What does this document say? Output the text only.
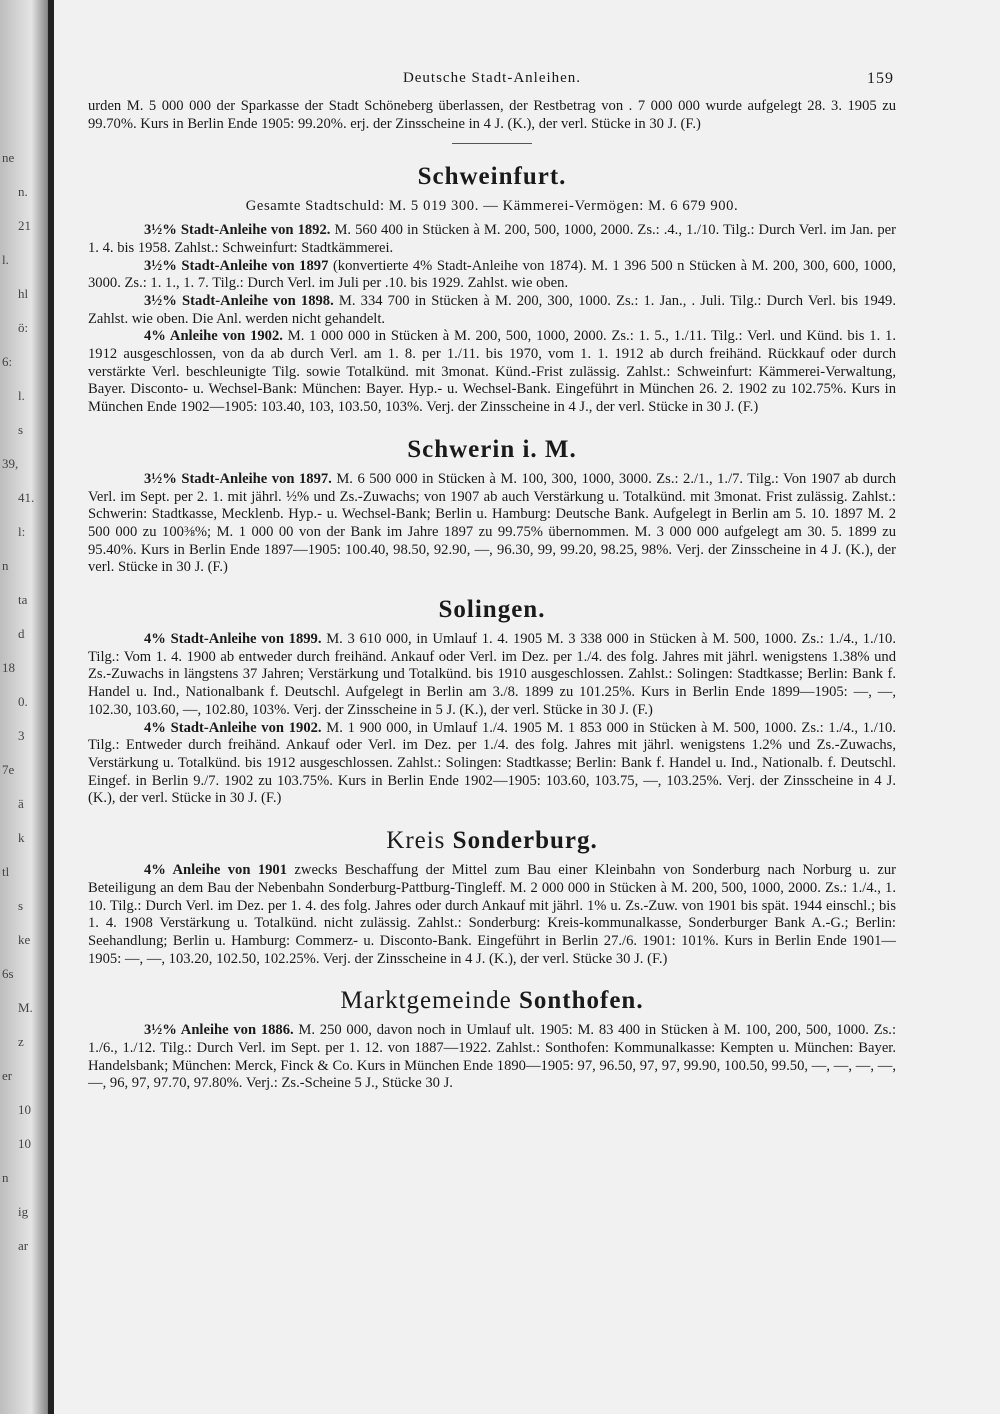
ne
n.
21
l.
hl
ö:
6:
l.
s
39,
41.
l:
n
ta
d
18
0.
3
7e
ä
k
tl
s
ke
6s
M.
z
er
10
10
n
ig
ar
Deutsche Stadt-Anleihen.	159

urden M. 5 000 000 der Sparkasse der Stadt Schöneberg überlassen, der Restbetrag von . 7 000 000 wurde aufgelegt 28. 3. 1905 zu 99.70%. Kurs in Berlin Ende 1905: 99.20%. erj. der Zinsscheine in 4 J. (K.), der verl. Stücke in 30 J. (F.)

Schweinfurt.
Gesamte Stadtschuld: M. 5 019 300. — Kämmerei-Vermögen: M. 6 679 900.

3½% Stadt-Anleihe von 1892. M. 560 400 in Stücken à M. 200, 500, 1000, 2000. Zs.: .4., 1./10. Tilg.: Durch Verl. im Jan. per 1. 4. bis 1958. Zahlst.: Schweinfurt: Stadtkämmerei.

3½% Stadt-Anleihe von 1897 (konvertierte 4% Stadt-Anleihe von 1874). M. 1 396 500 n Stücken à M. 200, 300, 600, 1000, 3000. Zs.: 1. 1., 1. 7. Tilg.: Durch Verl. im Juli per .10. bis 1929. Zahlst. wie oben.

3½% Stadt-Anleihe von 1898. M. 334 700 in Stücken à M. 200, 300, 1000. Zs.: 1. Jan., . Juli. Tilg.: Durch Verl. bis 1949. Zahlst. wie oben. Die Anl. werden nicht gehandelt.

4% Anleihe von 1902. M. 1 000 000 in Stücken à M. 200, 500, 1000, 2000. Zs.: 1. 5., 1./11. Tilg.: Verl. und Künd. bis 1. 1. 1912 ausgeschlossen, von da ab durch Verl. am 1. 8. per 1./11. bis 1970, vom 1. 1. 1912 ab durch freihänd. Rückkauf oder durch verstärkte Verl. beschleunigte Tilg. sowie Totalkünd. mit 3monat. Künd.-Frist zulässig. Zahlst.: Schweinfurt: Kämmerei-Verwaltung, Bayer. Disconto- u. Wechsel-Bank: München: Bayer. Hyp.- u. Wechsel-Bank. Eingeführt in München 26. 2. 1902 zu 102.75%. Kurs in München Ende 1902—1905: 103.40, 103, 103.50, 103%. Verj. der Zinsscheine in 4 J., der verl. Stücke in 30 J. (F.)

Schwerin i. M.

3½% Stadt-Anleihe von 1897. M. 6 500 000 in Stücken à M. 100, 300, 1000, 3000. Zs.: 2./1., 1./7. Tilg.: Von 1907 ab durch Verl. im Sept. per 2. 1. mit jährl. ½% und Zs.-Zuwachs; von 1907 ab auch Verstärkung u. Totalkünd. mit 3monat. Frist zulässig. Zahlst.: Schwerin: Stadtkasse, Mecklenb. Hyp.- u. Wechsel-Bank; Berlin u. Hamburg: Deutsche Bank. Aufgelegt in Berlin am 5. 10. 1897 M. 2 500 000 zu 100⅜%; M. 1 000 00 von der Bank im Jahre 1897 zu 99.75% übernommen. M. 3 000 000 aufgelegt am 30. 5. 1899 zu 95.40%. Kurs in Berlin Ende 1897—1905: 100.40, 98.50, 92.90, —, 96.30, 99, 99.20, 98.25, 98%. Verj. der Zinsscheine in 4 J. (K.), der verl. Stücke in 30 J. (F.)

Solingen.

4% Stadt-Anleihe von 1899. M. 3 610 000, in Umlauf 1. 4. 1905 M. 3 338 000 in Stücken à M. 500, 1000. Zs.: 1./4., 1./10. Tilg.: Vom 1. 4. 1900 ab entweder durch freihänd. Ankauf oder Verl. im Dez. per 1./4. des folg. Jahres mit jährl. wenigstens 1.38% und Zs.-Zuwachs in längstens 37 Jahren; Verstärkung und Totalkünd. bis 1910 ausgeschlossen. Zahlst.: Solingen: Stadtkasse; Berlin: Bank f. Handel u. Ind., Nationalbank f. Deutschl. Aufgelegt in Berlin am 3./8. 1899 zu 101.25%. Kurs in Berlin Ende 1899—1905: —, —, 102.30, 103.60, —, 102.80, 103%. Verj. der Zinsscheine in 5 J. (K.), der verl. Stücke in 30 J. (F.)

4% Stadt-Anleihe von 1902. M. 1 900 000, in Umlauf 1./4. 1905 M. 1 853 000 in Stücken à M. 500, 1000. Zs.: 1./4., 1./10. Tilg.: Entweder durch freihänd. Ankauf oder Verl. im Dez. per 1./4. des folg. Jahres mit jährl. wenigstens 1.2% und Zs.-Zuwachs, Verstärkung u. Totalkünd. bis 1912 ausgeschlossen. Zahlst.: Solingen: Stadtkasse; Berlin: Bank f. Handel u. Ind., Nationalb. f. Deutschl. Eingef. in Berlin 9./7. 1902 zu 103.75%. Kurs in Berlin Ende 1902—1905: 103.60, 103.75, —, 103.25%. Verj. der Zinsscheine in 4 J. (K.), der verl. Stücke in 30 J. (F.)

Kreis Sonderburg.

4% Anleihe von 1901 zwecks Beschaffung der Mittel zum Bau einer Kleinbahn von Sonderburg nach Norburg u. zur Beteiligung an dem Bau der Nebenbahn Sonderburg-Pattburg-Tingleff. M. 2 000 000 in Stücken à M. 200, 500, 1000, 2000. Zs.: 1./4., 1. 10. Tilg.: Durch Verl. im Dez. per 1. 4. des folg. Jahres oder durch Ankauf mit jährl. 1% u. Zs.-Zuw. von 1901 bis spät. 1944 einschl.; bis 1. 4. 1908 Verstärkung u. Totalkünd. nicht zulässig. Zahlst.: Sonderburg: Kreis-kommunalkasse, Sonderburger Bank A.-G.; Berlin: Seehandlung; Berlin u. Hamburg: Commerz- u. Disconto-Bank. Eingeführt in Berlin 27./6. 1901: 101%. Kurs in Berlin Ende 1901—1905: —, —, 103.20, 102.50, 102.25%. Verj. der Zinsscheine in 4 J. (K.), der verl. Stücke 30 J. (F.)

Marktgemeinde Sonthofen.

3½% Anleihe von 1886. M. 250 000, davon noch in Umlauf ult. 1905: M. 83 400 in Stücken à M. 100, 200, 500, 1000. Zs.: 1./6., 1./12. Tilg.: Durch Verl. im Sept. per 1. 12. von 1887—1922. Zahlst.: Sonthofen: Kommunalkasse: Kempten u. München: Bayer. Handelsbank; München: Merck, Finck & Co. Kurs in München Ende 1890—1905: 97, 96.50, 97, 97, 99.90, 100.50, 99.50, —, —, —, —, —, 96, 97, 97.70, 97.80%. Verj.: Zs.-Scheine 5 J., Stücke 30 J.
